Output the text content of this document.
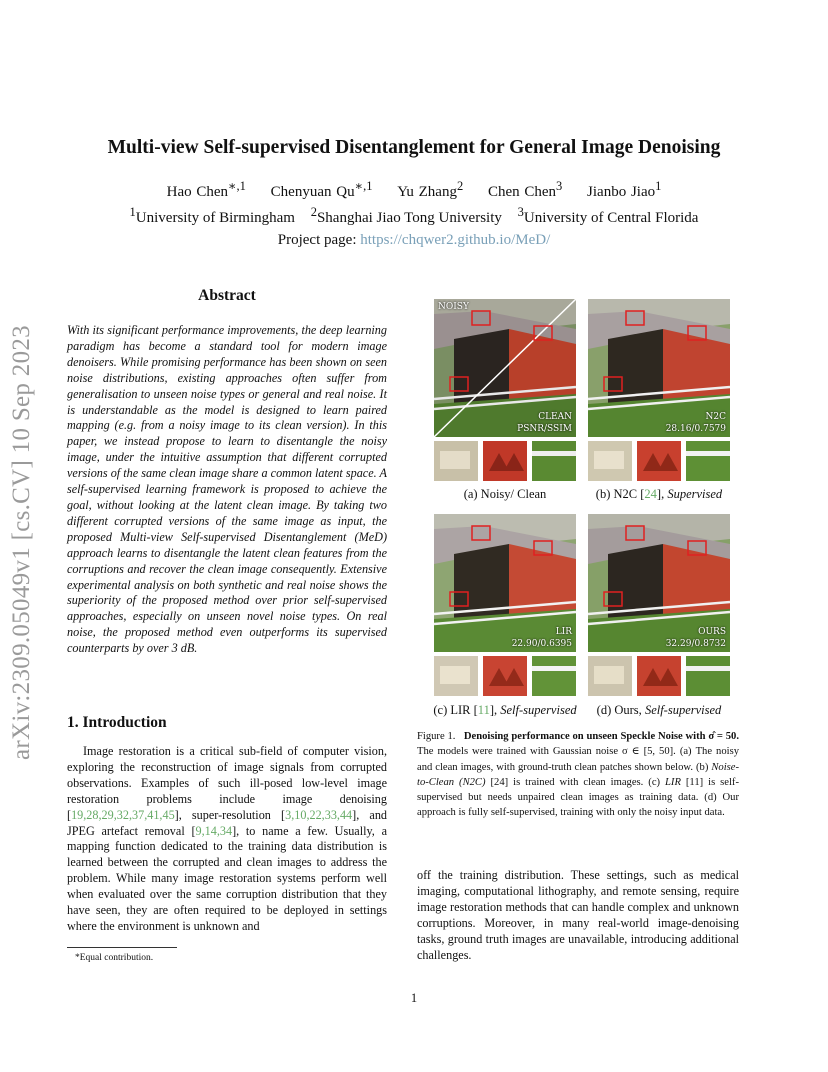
Multi-view Self-supervised Disentanglement for General Image Denoising
Hao Chen$^{∗,1}$ Chenyuan $Qu^{∗,1}$ Yu Zhang$^2$ Chen Chen$^3$ Jianbo Jiao$^1$
$^1$University of Birmingham $^2$Shanghai Jiao Tong University $^3$University of Central Florida
Project page: https://chqwer2.github.io/MeD/
arXiv:2309.05049v1 [cs.CV] 10 Sep 2023
Abstract
With its significant performance improvements, the deep learning paradigm has become a standard tool for modern image denoisers. While promising performance has been shown on seen noise distributions, existing approaches often suffer from generalisation to unseen noise types or general and real noise. It is understandable as the model is designed to learn paired mapping (e.g. from a noisy image to its clean version). In this paper, we instead propose to learn to disentangle the noisy image, under the intuitive assumption that different corrupted versions of the same clean image share a common latent space. A self-supervised learning framework is proposed to achieve the goal, without looking at the latent clean image. By taking two different corrupted versions of the same image as input, the proposed Multi-view Self-supervised Disentanglement (MeD) approach learns to disentangle the latent clean features from the corruptions and recover the clean image consequently. Extensive experimental analysis on both synthetic and real noise shows the superiority of the proposed method over prior self-supervised approaches, especially on unseen novel noise types. On real noise, the proposed method even outperforms its supervised counterparts by over 3 dB.
1. Introduction
Image restoration is a critical sub-field of computer vision, exploring the reconstruction of image signals from corrupted observations. Examples of such ill-posed low-level image restoration problems include image denoising [19,28,29,32,37,41,45], super-resolution [3,10,22,33,44], and JPEG artefact removal [9,14,34], to name a few. Usually, a mapping function dedicated to the training data distribution is learned between the corrupted and clean images to address the problem. While many image restoration systems perform well when evaluated over the same corruption distribution that they have seen, they are often required to be deployed in settings where the environment is unknown and
*Equal contribution.
1
NOISY
CLEAN
PSNR/SSIM
(a) Noisy/ Clean
N2C
28.16/0.7579
(b) N2C [24], Supervised
LIR
22.90/0.6395
(c) LIR [11], Self-supervised
OURS
32.29/0.8732
(d) Ours, Self-supervised
Figure 1. Denoising performance on unseen Speckle Noise with σ̂ = 50. The models were trained with Gaussian noise σ ∈ [5, 50]. (a) The noisy and clean images, with ground-truth clean patches shown below. (b) Noise-to-Clean (N2C) [24] is trained with clean images. (c) LIR [11] is self-supervised but needs unpaired clean images as training data. (d) Our approach is fully self-supervised, training with only the noisy input data.
off the training distribution. These settings, such as medical imaging, computational lithography, and remote sensing, require image restoration methods that can handle complex and unknown corruptions. Moreover, in many real-world image-denoising tasks, ground truth images are unavailable, introducing additional challenges.
